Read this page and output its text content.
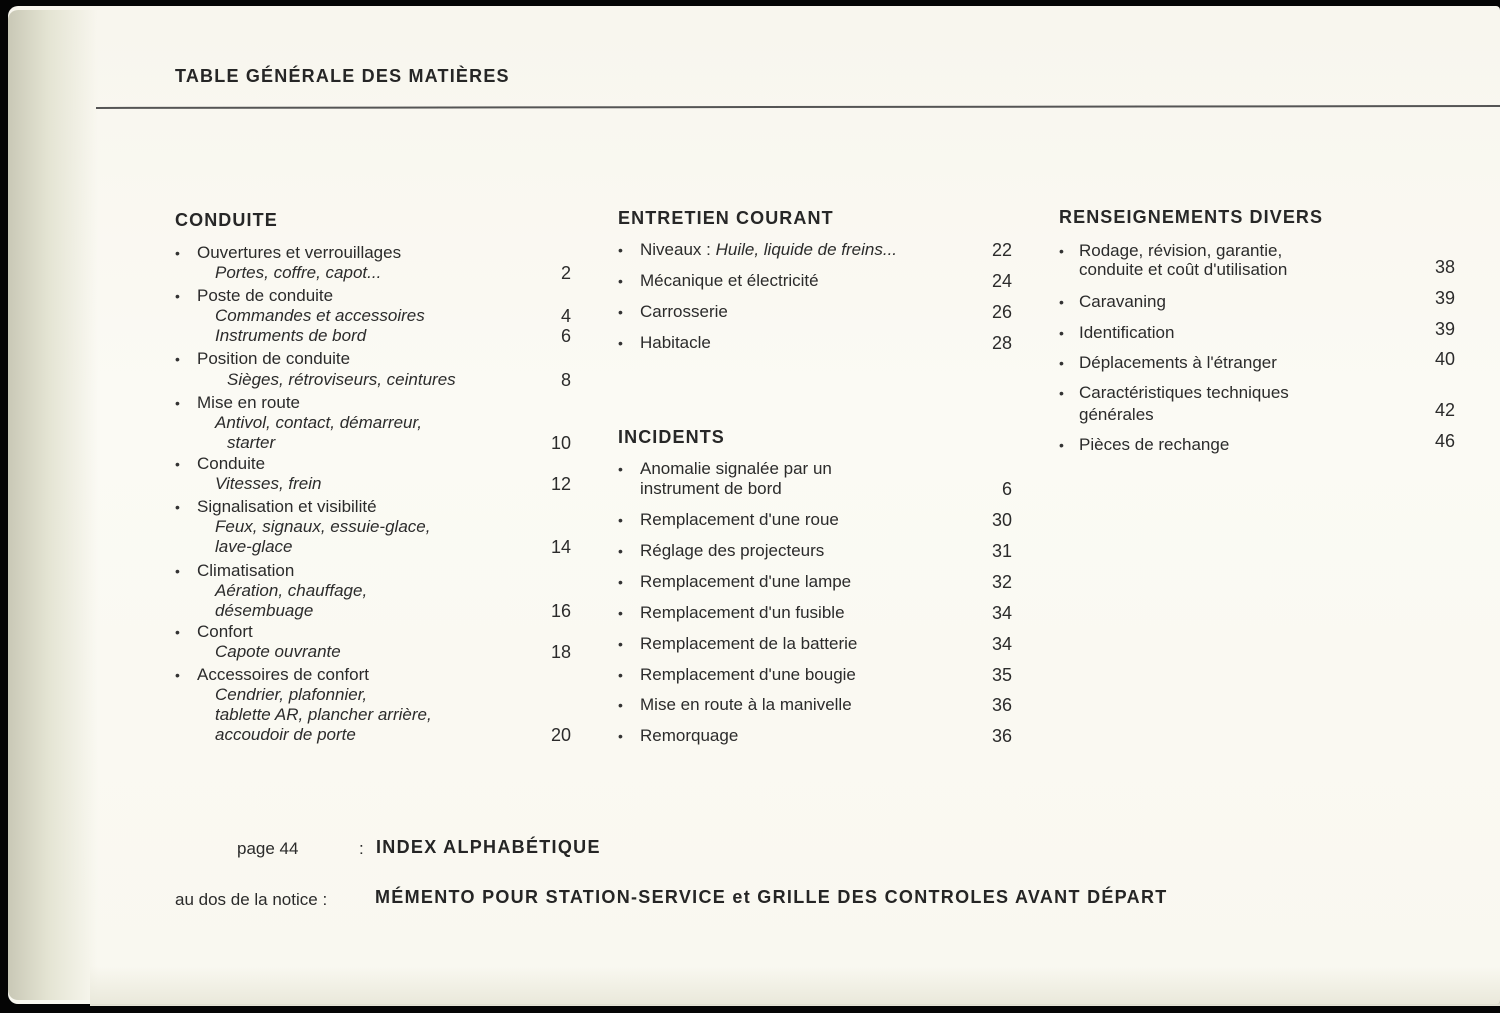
TABLE GÉNÉRALE DES MATIÈRES
CONDUITE
• Ouvertures et verrouillages
Portes, coffre, capot...	2
• Poste de conduite
Commandes et accessoires	4
Instruments de bord	6
• Position de conduite
Sièges, rétroviseurs, ceintures	8
• Mise en route
Antivol, contact, démarreur,
starter	10
• Conduite
Vitesses, frein	12
• Signalisation et visibilité
Feux, signaux, essuie-glace,
lave-glace	14
• Climatisation
Aération, chauffage,
désembuage	16
• Confort
Capote ouvrante	18
• Accessoires de confort
Cendrier, plafonnier,
tablette AR, plancher arrière,
accoudoir de porte	20
ENTRETIEN COURANT
• Niveaux : Huile, liquide de freins...	22
• Mécanique et électricité	24
• Carrosserie	26
• Habitacle	28
INCIDENTS
• Anomalie signalée par un
instrument de bord	6
• Remplacement d'une roue	30
• Réglage des projecteurs	31
• Remplacement d'une lampe	32
• Remplacement d'un fusible	34
• Remplacement de la batterie	34
• Remplacement d'une bougie	35
• Mise en route à la manivelle	36
• Remorquage	36
RENSEIGNEMENTS DIVERS
• Rodage, révision, garantie,
conduite et coût d'utilisation	38
• Caravaning	39
• Identification	39
• Déplacements à l'étranger	40
• Caractéristiques techniques
générales	42
• Pièces de rechange	46
page 44	: INDEX ALPHABÉTIQUE
au dos de la notice :	MÉMENTO POUR STATION-SERVICE et GRILLE DES CONTROLES AVANT DÉPART
